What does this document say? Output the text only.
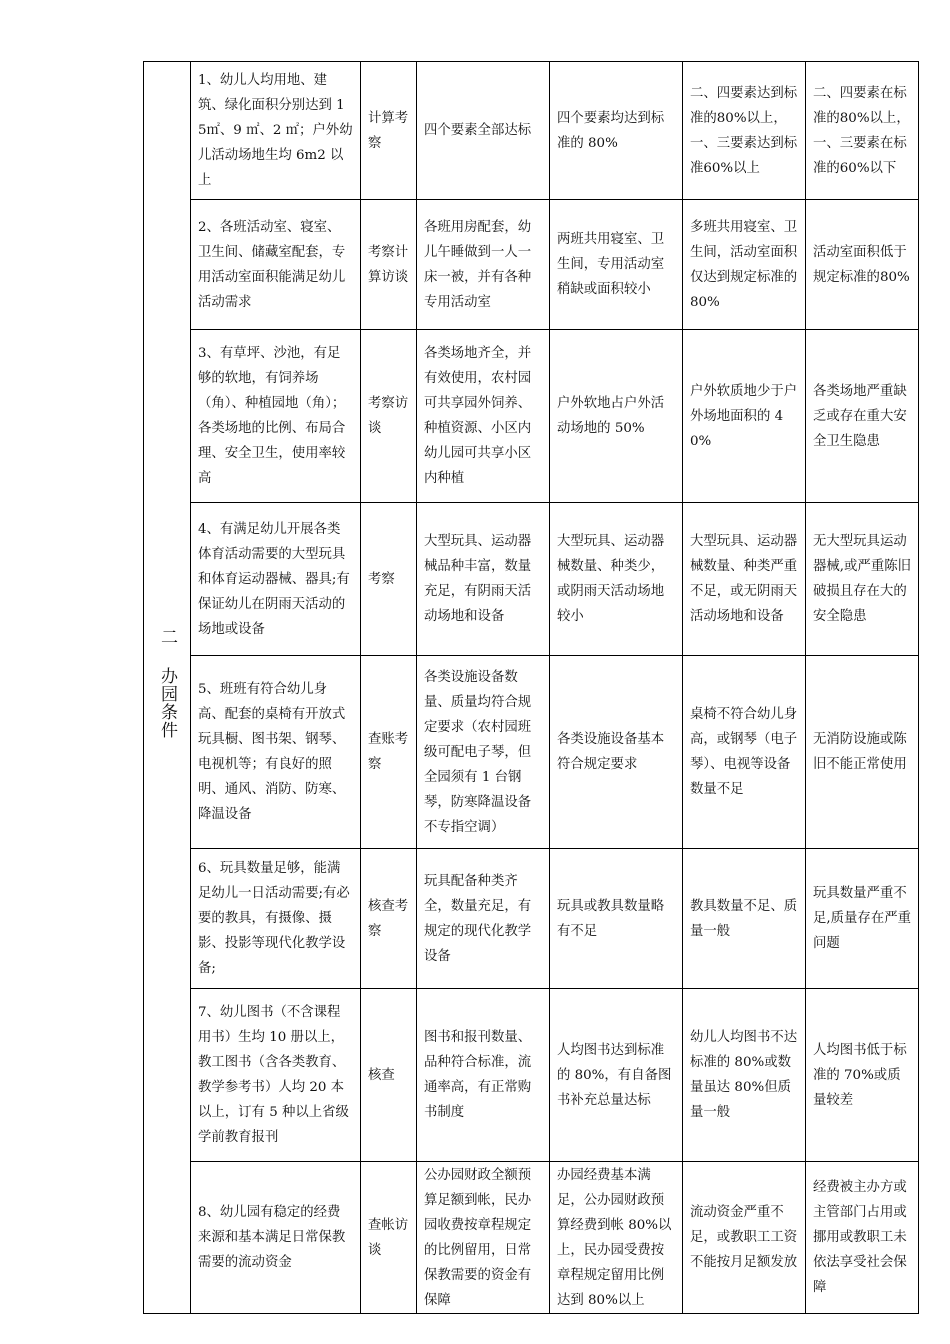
二 办园条件	1、幼儿人均用地、建筑、绿化面积分别达到 15㎡、9 ㎡、2 ㎡；户外幼儿活动场地生均 6m2 以上	计算考察	四个要素全部达标	四个要素均达到标准的 80%	二、四要素达到标准的80%以上，一、三要素达到标准60%以上	二、四要素在标准的80%以上，一、三要素在标准的60%以下
	2、各班活动室、寝室、卫生间、储藏室配套，专用活动室面积能满足幼儿活动需求	考察计算访谈	各班用房配套，幼儿午睡做到一人一床一被，并有各种专用活动室	两班共用寝室、卫生间，专用活动室稍缺或面积较小	多班共用寝室、卫生间，活动室面积仅达到规定标准的80%	活动室面积低于规定标准的80%
	3、有草坪、沙池，有足够的软地，有饲养场（角）、种植园地（角）；各类场地的比例、布局合理、安全卫生，使用率较高	考察访谈	各类场地齐全，并有效使用，农村园可共享园外饲养、种植资源、小区内幼儿园可共享小区内种植	户外软地占户外活动场地的 50%	户外软质地少于户外场地面积的 40%	各类场地严重缺乏或存在重大安全卫生隐患
	4、有满足幼儿开展各类体育活动需要的大型玩具和体育运动器械、器具;有保证幼儿在阴雨天活动的场地或设备	考察	大型玩具、运动器械品种丰富，数量充足，有阴雨天活动场地和设备	大型玩具、运动器械数量、种类少，或阴雨天活动场地较小	大型玩具、运动器械数量、种类严重不足，或无阴雨天活动场地和设备	无大型玩具运动器械,或严重陈旧破损且存在大的安全隐患
	5、班班有符合幼儿身高、配套的桌椅有开放式玩具橱、图书架、钢琴、电视机等；有良好的照明、通风、消防、防寒、降温设备	查账考察	各类设施设备数量、质量均符合规定要求（农村园班级可配电子琴，但全园须有 1 台钢琴，防寒降温设备不专指空调）	各类设施设备基本符合规定要求	桌椅不符合幼儿身高，或钢琴（电子琴）、电视等设备数量不足	无消防设施或陈旧不能正常使用
	6、玩具数量足够，能满足幼儿一日活动需要;有必要的教具，有摄像、摄影、投影等现代化教学设备;	核查考察	玩具配备种类齐全，数量充足，有规定的现代化教学设备	玩具或教具数量略有不足	教具数量不足、质量一般	玩具数量严重不足,质量存在严重问题
	7、幼儿图书（不含课程用书）生均 10 册以上，教工图书（含各类教育、教学参考书）人均 20 本以上，订有 5 种以上省级学前教育报刊	核查	图书和报刊数量、品种符合标准，流通率高，有正常购书制度	人均图书达到标准的 80%，有自备图书补充总量达标	幼儿人均图书不达标准的 80%或数量虽达 80%但质量一般	人均图书低于标准的 70%或质量较差
	8、幼儿园有稳定的经费来源和基本满足日常保教需要的流动资金	查帐访谈	公办园财政全额预算足额到帐，民办园收费按章程规定的比例留用，日常保教需要的资金有保障	办园经费基本满足，公办园财政预算经费到帐 80%以上，民办园受费按章程规定留用比例达到 80%以上	流动资金严重不足，或教职工工资不能按月足额发放	经费被主办方或主管部门占用或挪用或教职工未依法享受社会保障
